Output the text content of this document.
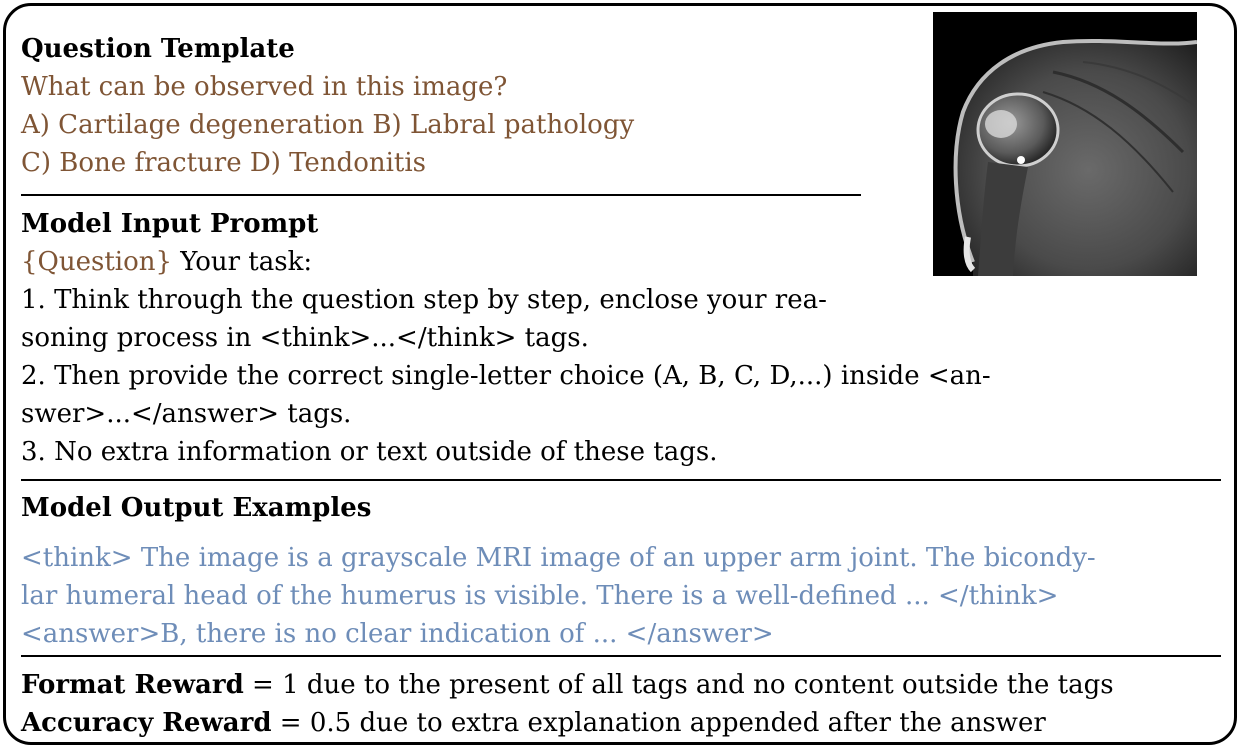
Question Template
What can be observed in this image?
A) Cartilage degeneration B) Labral pathology
C) Bone fracture D) Tendonitis
Model Input Prompt
{Question} Your task:
1. Think through the question step by step, enclose your rea-
soning process in <think>...</think> tags.
2. Then provide the correct single-letter choice (A, B, C, D,...) inside <an-
swer>...</answer> tags.
3. No extra information or text outside of these tags.
Model Output Examples
<think> The image is a grayscale MRI image of an upper arm joint. The bicondy-
lar humeral head of the humerus is visible. There is a well-defined ... </think>
<answer>B, there is no clear indication of ... </answer>
Format Reward = 1 due to the present of all tags and no content outside the tags
Accuracy Reward = 0.5 due to extra explanation appended after the answer
